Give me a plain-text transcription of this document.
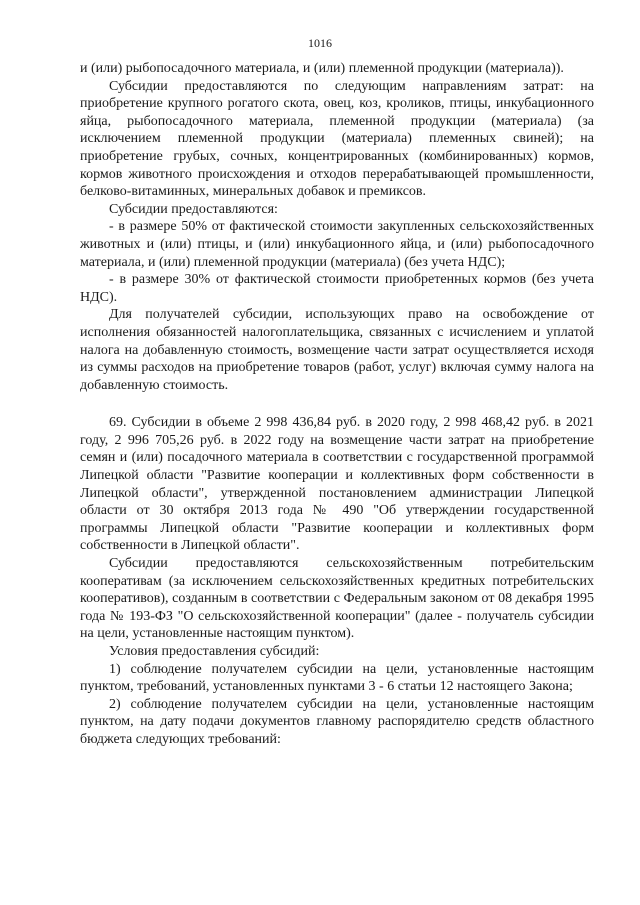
1016

и (или) рыбопосадочного материала, и (или) племенной продукции (материала)).

Субсидии предоставляются по следующим направлениям затрат: на приобретение крупного рогатого скота, овец, коз, кроликов, птицы, инкубационного яйца, рыбопосадочного материала, племенной продукции (материала) (за исключением племенной продукции (материала) племенных свиней); на приобретение грубых, сочных, концентрированных (комбинированных) кормов, кормов животного происхождения и отходов перерабатывающей промышленности, белково-витаминных, минеральных добавок и премиксов.

Субсидии предоставляются:

- в размере 50% от фактической стоимости закупленных сельскохозяйственных животных и (или) птицы, и (или) инкубационного яйца, и (или) рыбопосадочного материала, и (или) племенной продукции (материала) (без учета НДС);

- в размере 30% от фактической стоимости приобретенных кормов (без учета НДС).

Для получателей субсидии, использующих право на освобождение от исполнения обязанностей налогоплательщика, связанных с исчислением и уплатой налога на добавленную стоимость, возмещение части затрат осуществляется исходя из суммы расходов на приобретение товаров (работ, услуг) включая сумму налога на добавленную стоимость.

69. Субсидии в объеме 2 998 436,84 руб. в 2020 году, 2 998 468,42 руб. в 2021 году, 2 996 705,26 руб. в 2022 году на возмещение части затрат на приобретение семян и (или) посадочного материала в соответствии с государственной программой Липецкой области "Развитие кооперации и коллективных форм собственности в Липецкой области", утвержденной постановлением администрации Липецкой области от 30 октября 2013 года № 490 "Об утверждении государственной программы Липецкой области "Развитие кооперации и коллективных форм собственности в Липецкой области".

Субсидии предоставляются сельскохозяйственным потребительским кооперативам (за исключением сельскохозяйственных кредитных потребительских кооперативов), созданным в соответствии с Федеральным законом от 08 декабря 1995 года № 193-ФЗ "О сельскохозяйственной кооперации" (далее - получатель субсидии на цели, установленные настоящим пунктом).

Условия предоставления субсидий:

1) соблюдение получателем субсидии на цели, установленные настоящим пунктом, требований, установленных пунктами 3 - 6 статьи 12 настоящего Закона;

2) соблюдение получателем субсидии на цели, установленные настоящим пунктом, на дату подачи документов главному распорядителю средств областного бюджета следующих требований:
